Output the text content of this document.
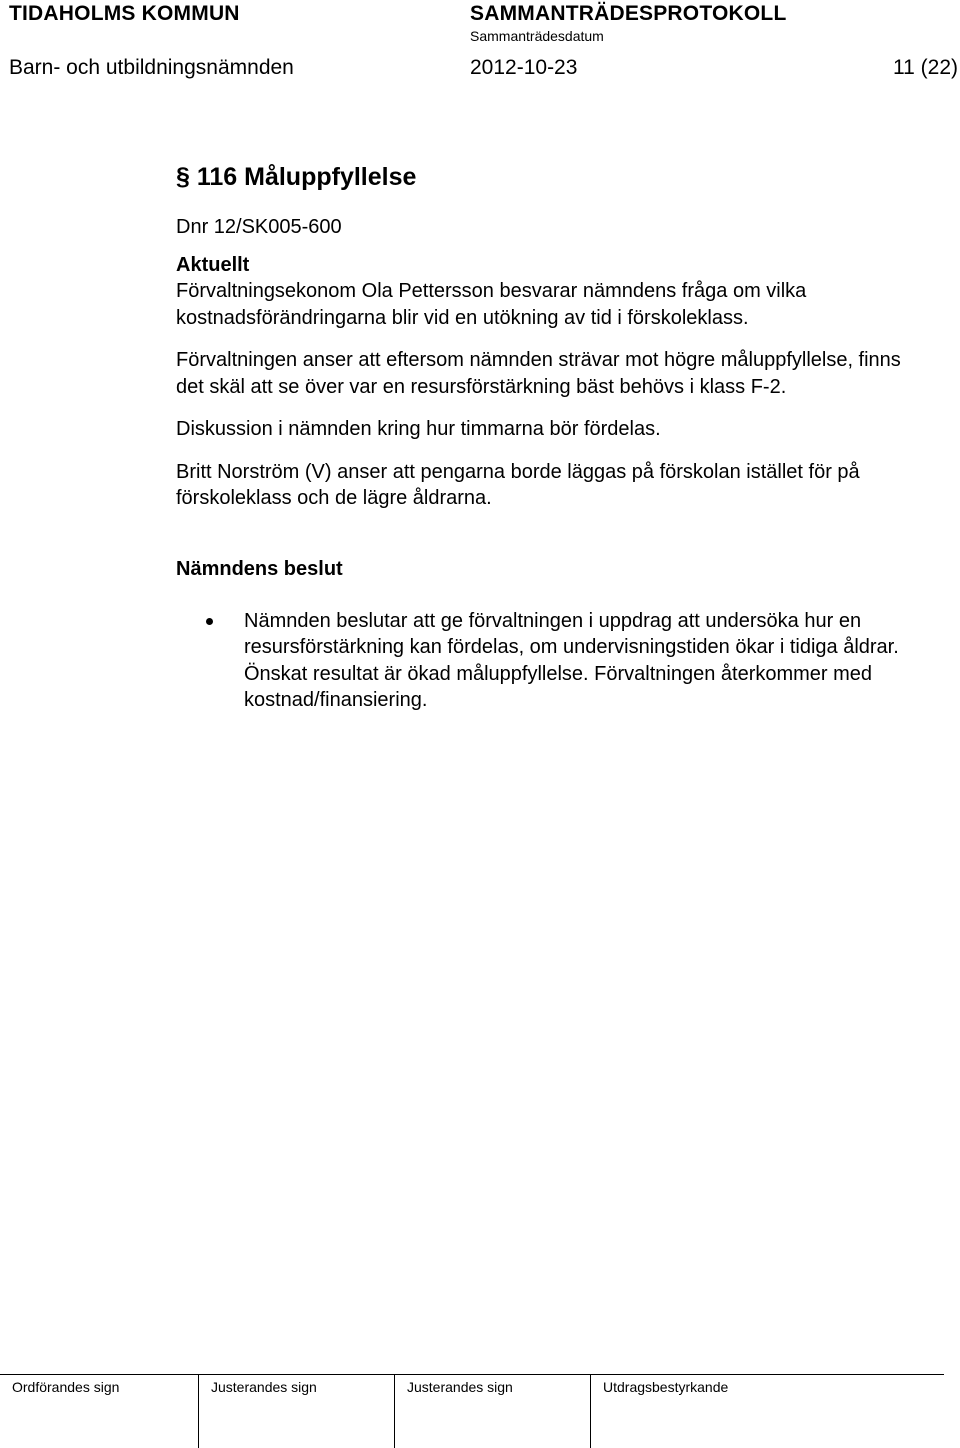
TIDAHOLMS KOMMUN	SAMMANTRÄDESPROTOKOLL
Sammanträdesdatum
Barn- och utbildningsnämnden	2012-10-23	11 (22)
§ 116 Måluppfyllelse
Dnr 12/SK005-600
Aktuellt

Förvaltningsekonom Ola Pettersson besvarar nämndens fråga om vilka kostnadsförändringarna blir vid en utökning av tid i förskoleklass.

Förvaltningen anser att eftersom nämnden strävar mot högre måluppfyllelse, finns det skäl att se över var en resursförstärkning bäst behövs i klass F-2.

Diskussion i nämnden kring hur timmarna bör fördelas.

Britt Norström (V) anser att pengarna borde läggas på förskolan istället för på förskoleklass och de lägre åldrarna.

Nämndens beslut
Nämnden beslutar att ge förvaltningen i uppdrag att undersöka hur en resursförstärkning kan fördelas, om undervisningstiden ökar i tidiga åldrar. Önskat resultat är ökad måluppfyllelse. Förvaltningen återkommer med kostnad/finansiering.
Ordförandes sign	Justerandes sign	Justerandes sign	Utdragsbestyrkande
